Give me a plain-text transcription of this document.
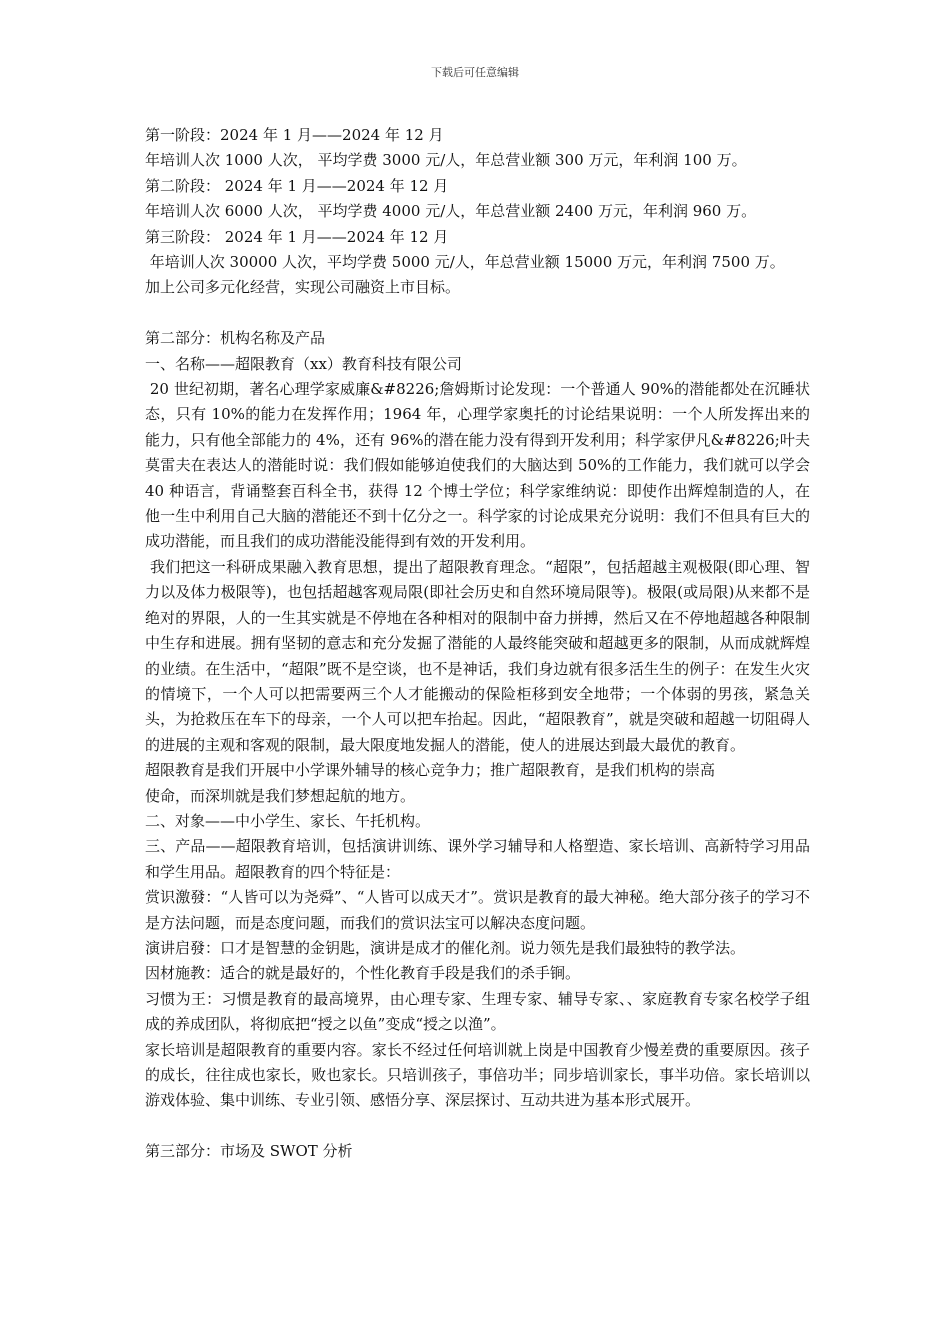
下载后可任意编辑
第一阶段：2024 年 1 月——2024 年 12 月
年培训人次 1000 人次， 平均学费 3000 元/人，年总营业额 300 万元，年利润 100 万。
第二阶段： 2024 年 1 月——2024 年 12 月
年培训人次 6000 人次， 平均学费 4000 元/人，年总营业额 2400 万元，年利润 960 万。
第三阶段： 2024 年 1 月——2024 年 12 月
年培训人次 30000 人次，平均学费 5000 元/人，年总营业额 15000 万元，年利润 7500 万。
加上公司多元化经营，实现公司融资上市目标。
第二部分：机构名称及产品
一、名称——超限教育（xx）教育科技有限公司
20 世纪初期，著名心理学家威廉&#8226;詹姆斯讨论发现：一个普通人 90%的潜能都处在沉睡状态，只有 10%的能力在发挥作用；1964 年，心理学家奥托的讨论结果说明：一个人所发挥出来的能力，只有他全部能力的 4%，还有 96%的潜在能力没有得到开发利用；科学家伊凡&#8226;叶夫莫雷夫在表达人的潜能时说：我们假如能够迫使我们的大脑达到 50%的工作能力，我们就可以学会 40 种语言，背诵整套百科全书，获得 12 个博士学位；科学家维纳说：即使作出辉煌制造的人，在他一生中利用自己大脑的潜能还不到十亿分之一。科学家的讨论成果充分说明：我们不但具有巨大的成功潜能，而且我们的成功潜能没能得到有效的开发利用。
我们把这一科研成果融入教育思想，提出了超限教育理念。“超限”，包括超越主观极限(即心理、智力以及体力极限等)，也包括超越客观局限(即社会历史和自然环境局限等)。极限(或局限)从来都不是绝对的界限，人的一生其实就是不停地在各种相对的限制中奋力拼搏，然后又在不停地超越各种限制中生存和进展。拥有坚韧的意志和充分发掘了潜能的人最终能突破和超越更多的限制，从而成就辉煌的业绩。在生活中，“超限”既不是空谈，也不是神话，我们身边就有很多活生生的例子：在发生火灾的情境下，一个人可以把需要两三个人才能搬动的保险柜移到安全地带；一个体弱的男孩，紧急关头，为抢救压在车下的母亲，一个人可以把车抬起。因此，“超限教育”，就是突破和超越一切阻碍人的进展的主观和客观的限制，最大限度地发掘人的潜能，使人的进展达到最大最优的教育。
超限教育是我们开展中小学课外辅导的核心竞争力；推广超限教育，是我们机构的崇高
使命，而深圳就是我们梦想起航的地方。
二、对象——中小学生、家长、午托机构。
三、产品——超限教育培训，包括演讲训练、课外学习辅导和人格塑造、家长培训、高新特学习用品和学生用品。超限教育的四个特征是：
赏识激發：“人皆可以为尧舜”、“人皆可以成天才”。赏识是教育的最大神秘。绝大部分孩子的学习不是方法问题，而是态度问题，而我们的赏识法宝可以解决态度问题。
演讲启發：口才是智慧的金钥匙，演讲是成才的催化剂。说力领先是我们最独特的教学法。
因材施教：适合的就是最好的，个性化教育手段是我们的杀手锏。
习惯为王：习惯是教育的最高境界，由心理专家、生理专家、辅导专家、、家庭教育专家名校学子组成的养成团队，将彻底把“授之以鱼”变成“授之以渔”。
家长培训是超限教育的重要内容。家长不经过任何培训就上岗是中国教育少慢差费的重要原因。孩子的成长，往往成也家长，败也家长。只培训孩子，事倍功半；同步培训家长，事半功倍。家长培训以游戏体验、集中训练、专业引领、感悟分享、深层探讨、互动共进为基本形式展开。
第三部分：市场及 SWOT 分析
